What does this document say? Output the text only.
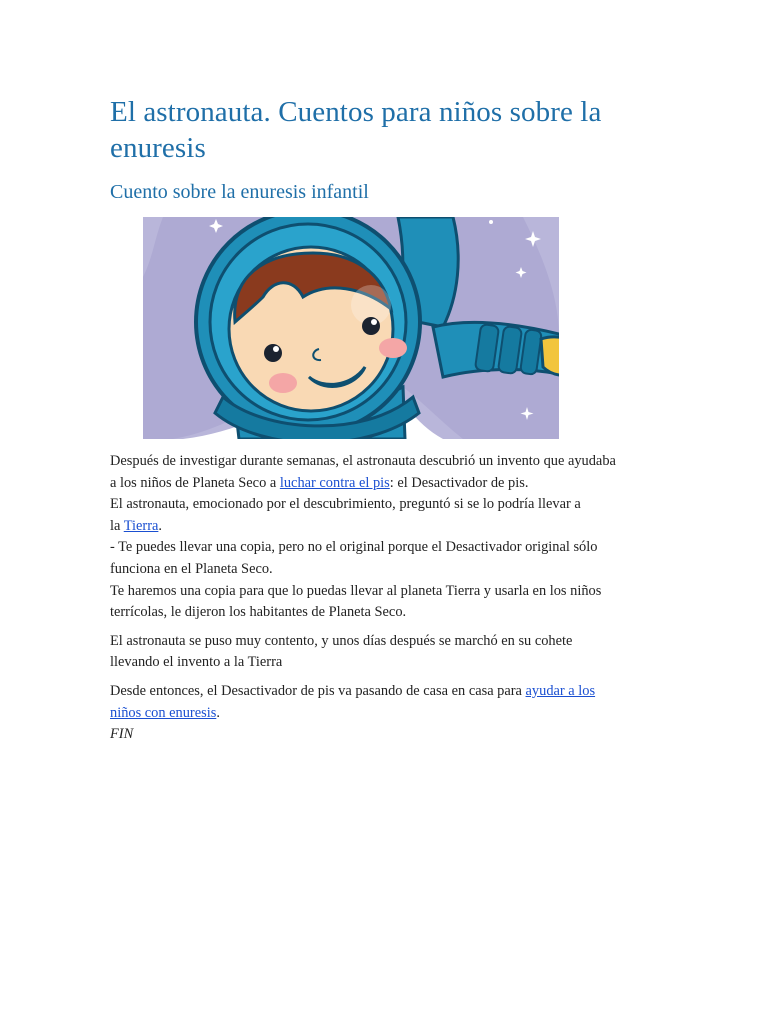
El astronauta. Cuentos para niños sobre la enuresis
Cuento sobre la enuresis infantil

Después de investigar durante semanas, el astronauta descubrió un invento que ayudaba
a los niños de Planeta Seco a luchar contra el pis: el Desactivador de pis.
El astronauta, emocionado por el descubrimiento, preguntó si se lo podría llevar a
la Tierra.
- Te puedes llevar una copia, pero no el original porque el Desactivador original sólo
funciona en el Planeta Seco.
Te haremos una copia para que lo puedas llevar al planeta Tierra y usarla en los niños
terrícolas, le dijeron los habitantes de Planeta Seco.

El astronauta se puso muy contento, y unos días después se marchó en su cohete
llevando el invento a la Tierra

Desde entonces, el Desactivador de pis va pasando de casa en casa para ayudar a los
niños con enuresis.
FIN
